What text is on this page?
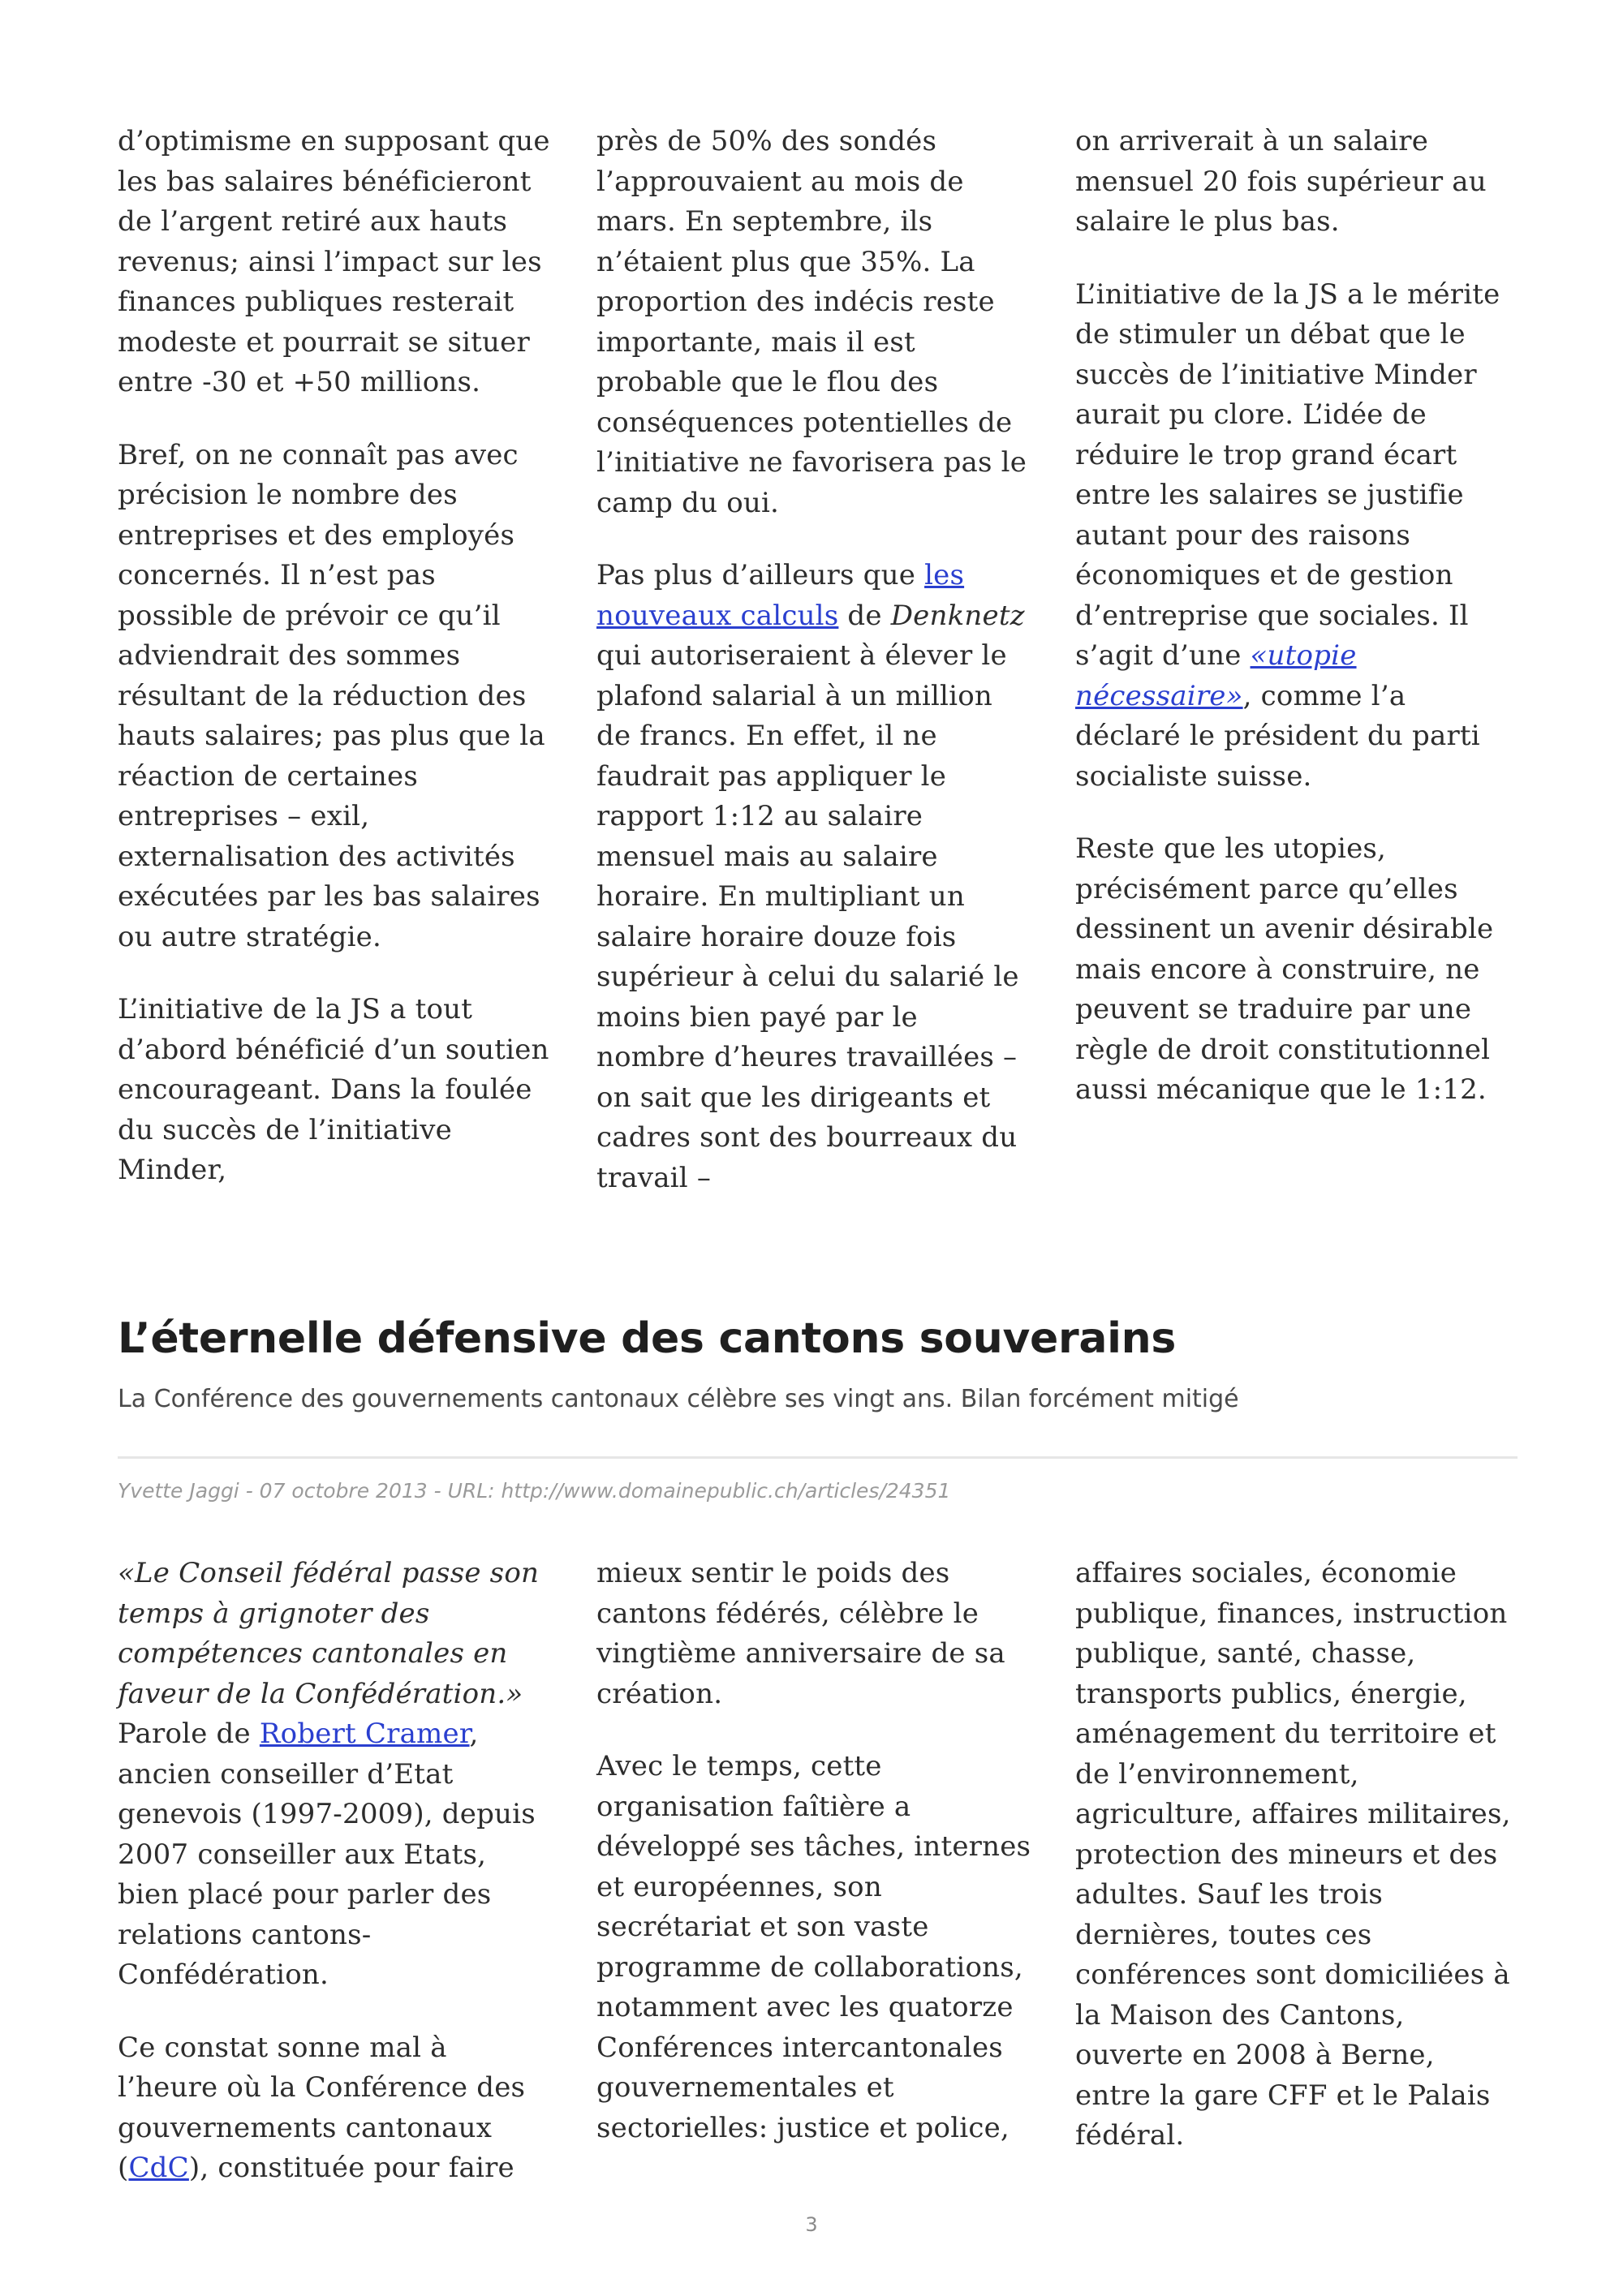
d’optimisme en supposant que les bas salaires bénéficieront de l’argent retiré aux hauts revenus; ainsi l’impact sur les finances publiques resterait modeste et pourrait se situer entre -30 et +50 millions.

Bref, on ne connaît pas avec précision le nombre des entreprises et des employés concernés. Il n’est pas possible de prévoir ce qu’il adviendrait des sommes résultant de la réduction des hauts salaires; pas plus que la réaction de certaines entreprises – exil, externalisation des activités exécutées par les bas salaires ou autre stratégie.

L’initiative de la JS a tout d’abord bénéficié d’un soutien encourageant. Dans la foulée du succès de l’initiative Minder,

près de 50% des sondés l’approuvaient au mois de mars. En septembre, ils n’étaient plus que 35%. La proportion des indécis reste importante, mais il est probable que le flou des conséquences potentielles de l’initiative ne favorisera pas le camp du oui.

Pas plus d’ailleurs que les nouveaux calculs de Denknetz qui autoriseraient à élever le plafond salarial à un million de francs. En effet, il ne faudrait pas appliquer le rapport 1:12 au salaire mensuel mais au salaire horaire. En multipliant un salaire horaire douze fois supérieur à celui du salarié le moins bien payé par le nombre d’heures travaillées – on sait que les dirigeants et cadres sont des bourreaux du travail –

on arriverait à un salaire mensuel 20 fois supérieur au salaire le plus bas.

L’initiative de la JS a le mérite de stimuler un débat que le succès de l’initiative Minder aurait pu clore. L’idée de réduire le trop grand écart entre les salaires se justifie autant pour des raisons économiques et de gestion d’entreprise que sociales. Il s’agit d’une «utopie nécessaire», comme l’a déclaré le président du parti socialiste suisse.

Reste que les utopies, précisément parce qu’elles dessinent un avenir désirable mais encore à construire, ne peuvent se traduire par une règle de droit constitutionnel aussi mécanique que le 1:12.

L’éternelle défensive des cantons souverains

La Conférence des gouvernements cantonaux célèbre ses vingt ans. Bilan forcément mitigé

Yvette Jaggi - 07 octobre 2013 - URL: http://www.domainepublic.ch/articles/24351

«Le Conseil fédéral passe son temps à grignoter des compétences cantonales en faveur de la Confédération.» Parole de Robert Cramer, ancien conseiller d’Etat genevois (1997-2009), depuis 2007 conseiller aux Etats, bien placé pour parler des relations cantons-Confédération.

Ce constat sonne mal à l’heure où la Conférence des gouvernements cantonaux (CdC), constituée pour faire

mieux sentir le poids des cantons fédérés, célèbre le vingtième anniversaire de sa création.

Avec le temps, cette organisation faîtière a développé ses tâches, internes et européennes, son secrétariat et son vaste programme de collaborations, notamment avec les quatorze Conférences intercantonales gouvernementales et sectorielles: justice et police,

affaires sociales, économie publique, finances, instruction publique, santé, chasse, transports publics, énergie, aménagement du territoire et de l’environnement, agriculture, affaires militaires, protection des mineurs et des adultes. Sauf les trois dernières, toutes ces conférences sont domiciliées à la Maison des Cantons, ouverte en 2008 à Berne, entre la gare CFF et le Palais fédéral.

3
